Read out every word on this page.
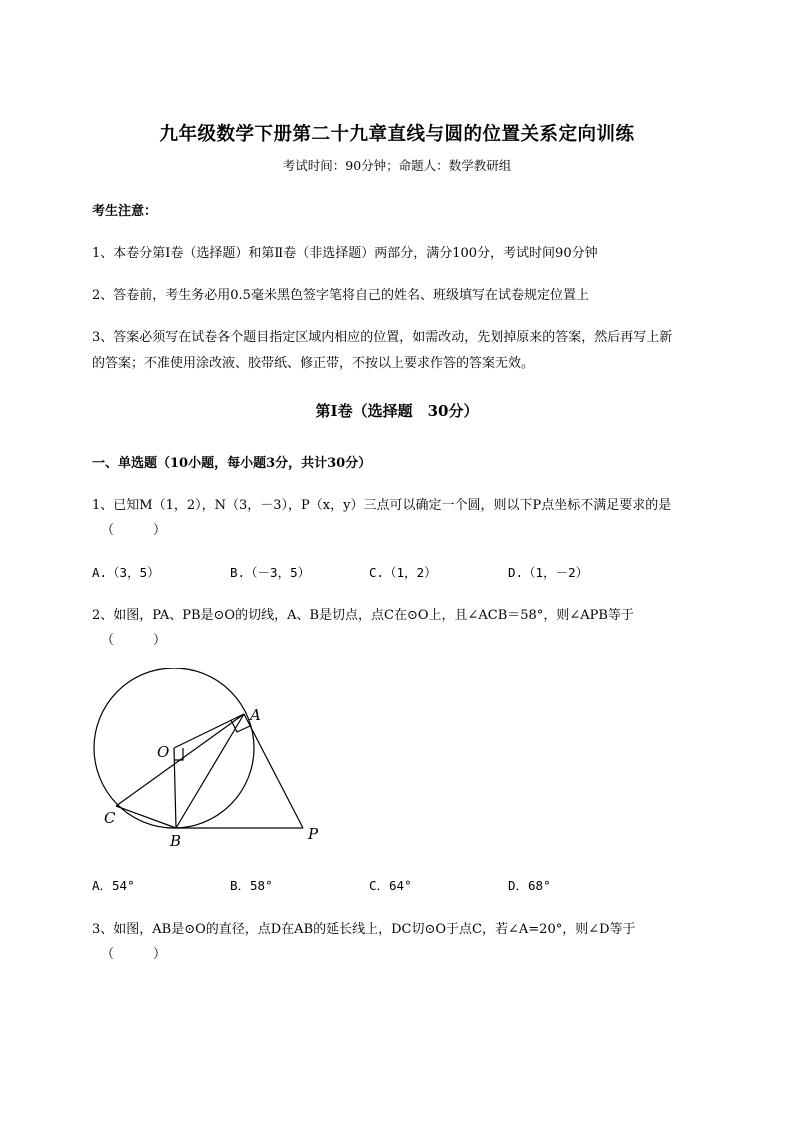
九年级数学下册第二十九章直线与圆的位置关系定向训练
考试时间：90分钟；命题人：数学教研组
考生注意：
1、本卷分第I卷（选择题）和第Ⅱ卷（非选择题）两部分，满分100分，考试时间90分钟
2、答卷前，考生务必用0.5毫米黑色签字笔将自己的姓名、班级填写在试卷规定位置上
3、答案必须写在试卷各个题目指定区域内相应的位置，如需改动，先划掉原来的答案，然后再写上新
的答案；不准使用涂改液、胶带纸、修正带，不按以上要求作答的答案无效。
第I卷（选择题　30分）
一、单选题（10小题，每小题3分，共计30分）
1、已知M（1，2），N（3，－3），P（x，y）三点可以确定一个圆，则以下P点坐标不满足要求的是
（　　　）
A.（3，5）	B.（－3，5）	C.（1，2）	D.（1，－2）
2、如图，PA、PB是⊙O的切线，A、B是切点，点C在⊙O上，且∠ACB＝58°，则∠APB等于
（　　　）
A
O
C
B	P
A．54°	B．58°	C．64°	D．68°
3、如图，AB是⊙O的直径，点D在AB的延长线上，DC切⊙O于点C，若∠A=20°，则∠D等于
（　　　）
